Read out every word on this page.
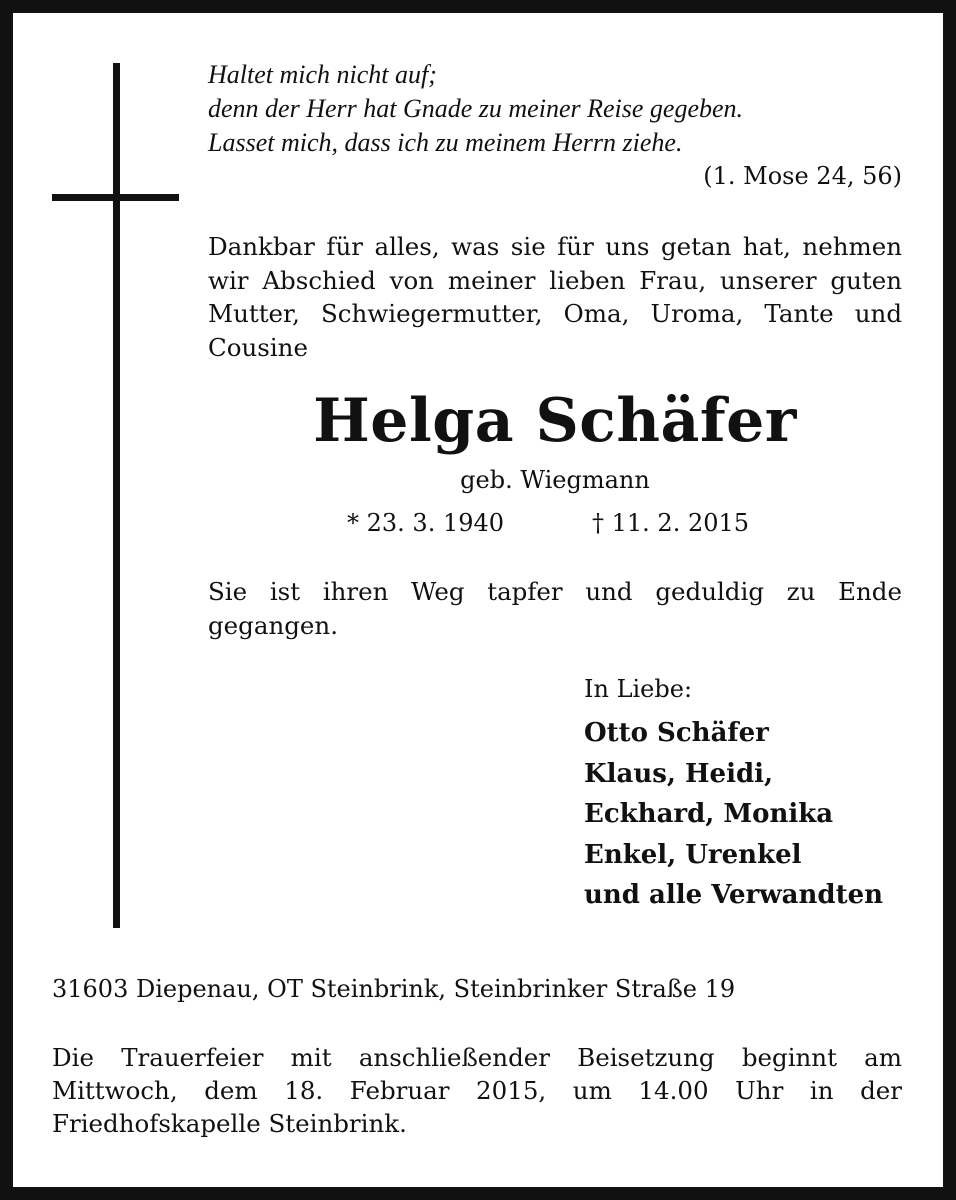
Haltet mich nicht auf;
denn der Herr hat Gnade zu meiner Reise gegeben.
Lasset mich, dass ich zu meinem Herrn ziehe.
(1. Mose 24, 56)
Dankbar für alles, was sie für uns getan hat, nehmen wir Abschied von meiner lieben Frau, unserer guten Mutter, Schwiegermutter, Oma, Uroma, Tante und Cousine
Helga Schäfer
geb. Wiegmann
* 23. 3. 1940	† 11. 2. 2015
Sie ist ihren Weg tapfer und geduldig zu Ende gegangen.
In Liebe:
Otto Schäfer
Klaus, Heidi,
Eckhard, Monika
Enkel, Urenkel
und alle Verwandten
31603 Diepenau, OT Steinbrink, Steinbrinker Straße 19
Die Trauerfeier mit anschließender Beisetzung beginnt am Mittwoch, dem 18. Februar 2015, um 14.00 Uhr in der Friedhofskapelle Steinbrink.
